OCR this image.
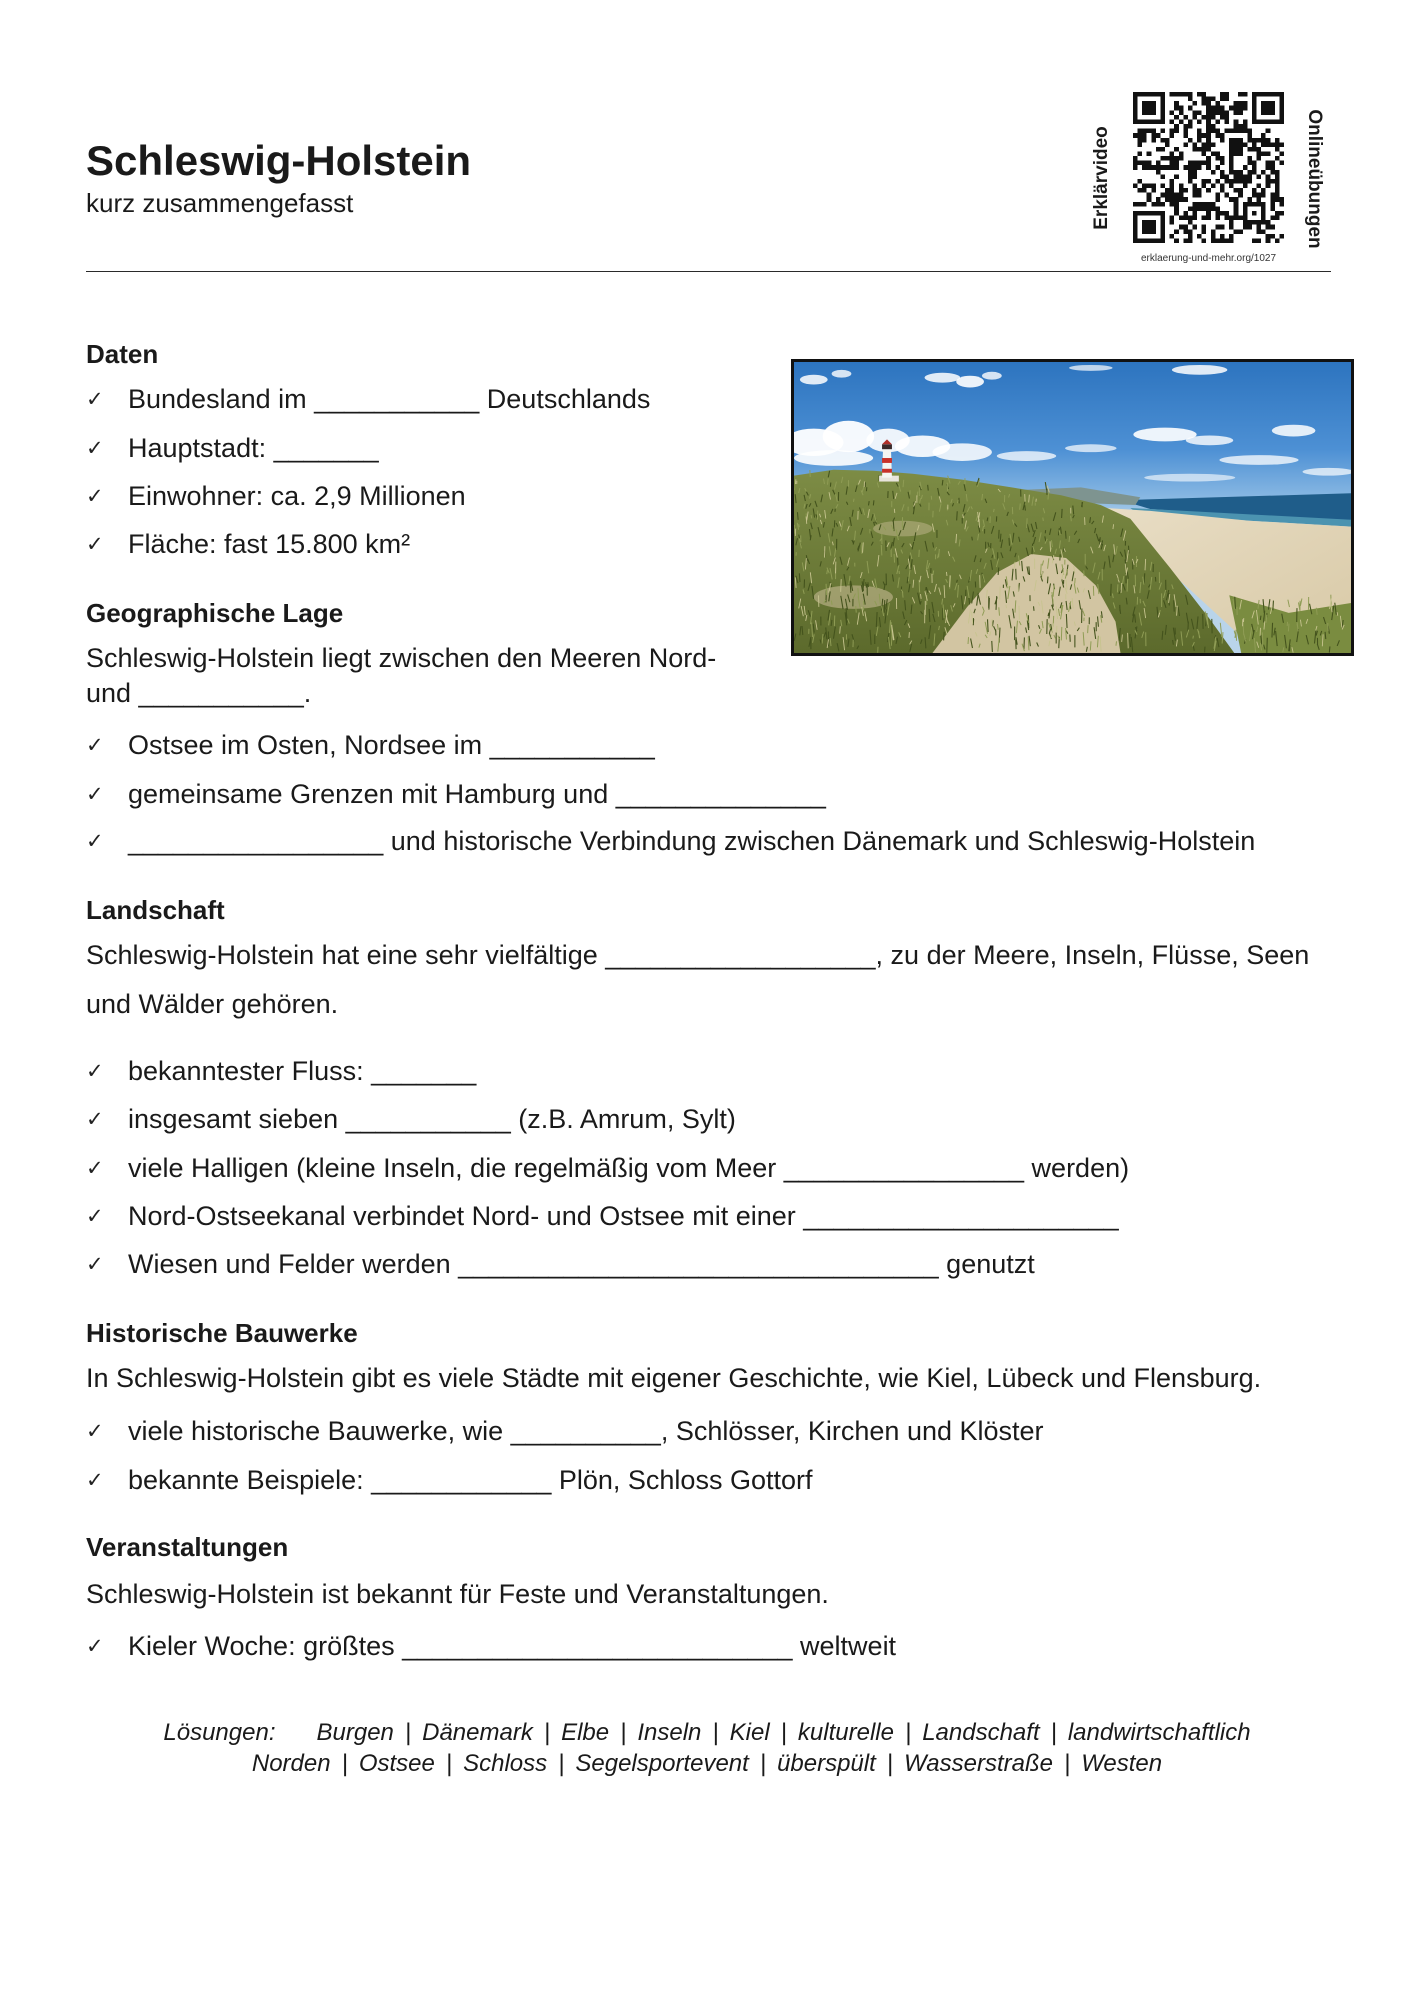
Schleswig-Holstein
kurz zusammengefasst	Erklärvideo	Onlineübungen
erklaerung-und-mehr.org/1027
Daten
✓ Bundesland im ___________ Deutschlands
✓ Hauptstadt: _______
✓ Einwohner: ca. 2,9 Millionen
✓ Fläche: fast 15.800 km²
Geographische Lage
Schleswig-Holstein liegt zwischen den Meeren Nord-
und ___________.
✓ Ostsee im Osten, Nordsee im ___________
✓ gemeinsame Grenzen mit Hamburg und ______________
✓ _________________ und historische Verbindung zwischen Dänemark und Schleswig-Holstein
Landschaft
Schleswig-Holstein hat eine sehr vielfältige __________________, zu der Meere, Inseln, Flüsse, Seen
und Wälder gehören.
✓ bekanntester Fluss: _______
✓ insgesamt sieben ___________ (z.B. Amrum, Sylt)
✓ viele Halligen (kleine Inseln, die regelmäßig vom Meer ________________ werden)
✓ Nord-Ostseekanal verbindet Nord- und Ostsee mit einer _____________________
✓ Wiesen und Felder werden ________________________________ genutzt
Historische Bauwerke
In Schleswig-Holstein gibt es viele Städte mit eigener Geschichte, wie Kiel, Lübeck und Flensburg.
✓ viele historische Bauwerke, wie __________, Schlösser, Kirchen und Klöster
✓ bekannte Beispiele: ____________ Plön, Schloss Gottorf
Veranstaltungen
Schleswig-Holstein ist bekannt für Feste und Veranstaltungen.
✓ Kieler Woche: größtes __________________________ weltweit
Lösungen: Burgen | Dänemark | Elbe | Inseln | Kiel | kulturelle | Landschaft | landwirtschaftlich
Norden | Ostsee | Schloss | Segelsportevent | überspült | Wasserstraße | Westen
